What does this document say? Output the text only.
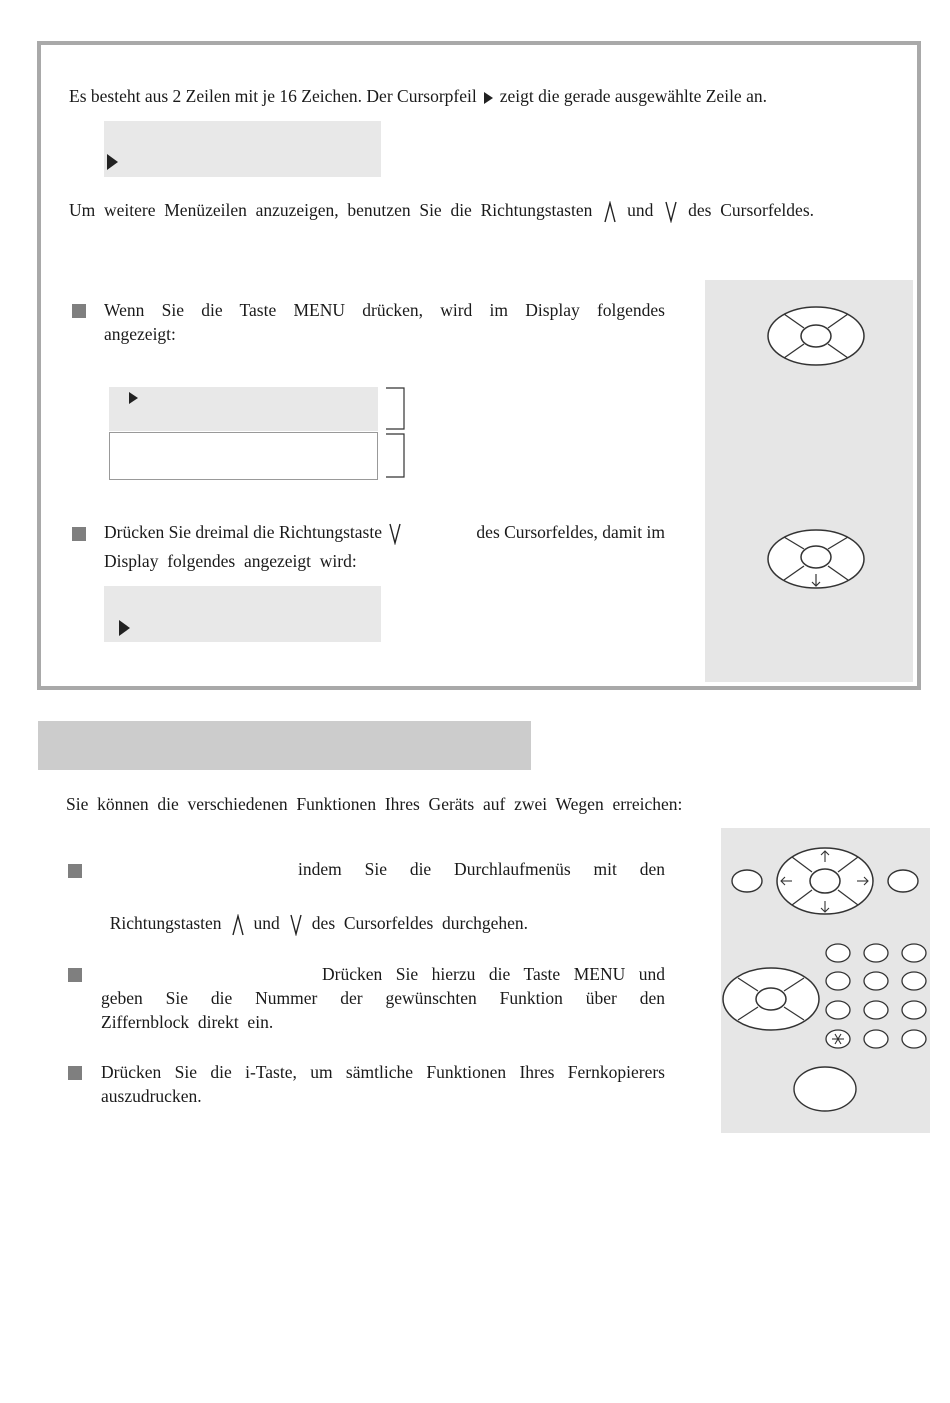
Es besteht aus 2 Zeilen mit je 16 Zeichen. Der Cursorpfeil zeigt die gerade ausgewählte Zeile an.
Um  weitere  Menüzeilen  anzuzeigen,  benutzen  Sie  die  Richtungstasten und des  Cursorfeldes.
Wenn Sie die Taste MENU drücken, wird im Display folgendes
angezeigt:
Drücken Sie dreimal die Richtungstaste	des Cursorfeldes, damit im
Display  folgendes  angezeigt  wird:
Sie  können  die  verschiedenen  Funktionen  Ihres  Geräts  auf  zwei  Wegen  erreichen:
indem Sie die Durchlaufmenüs mit den

Richtungstasten und des  Cursorfeldes  durchgehen.

Drücken Sie hierzu die Taste MENU und
geben Sie die Nummer der gewünschten Funktion über den
Ziffernblock  direkt  ein.
Drücken Sie die i-Taste, um sämtliche Funktionen Ihres Fernkopierers
auszudrucken.
